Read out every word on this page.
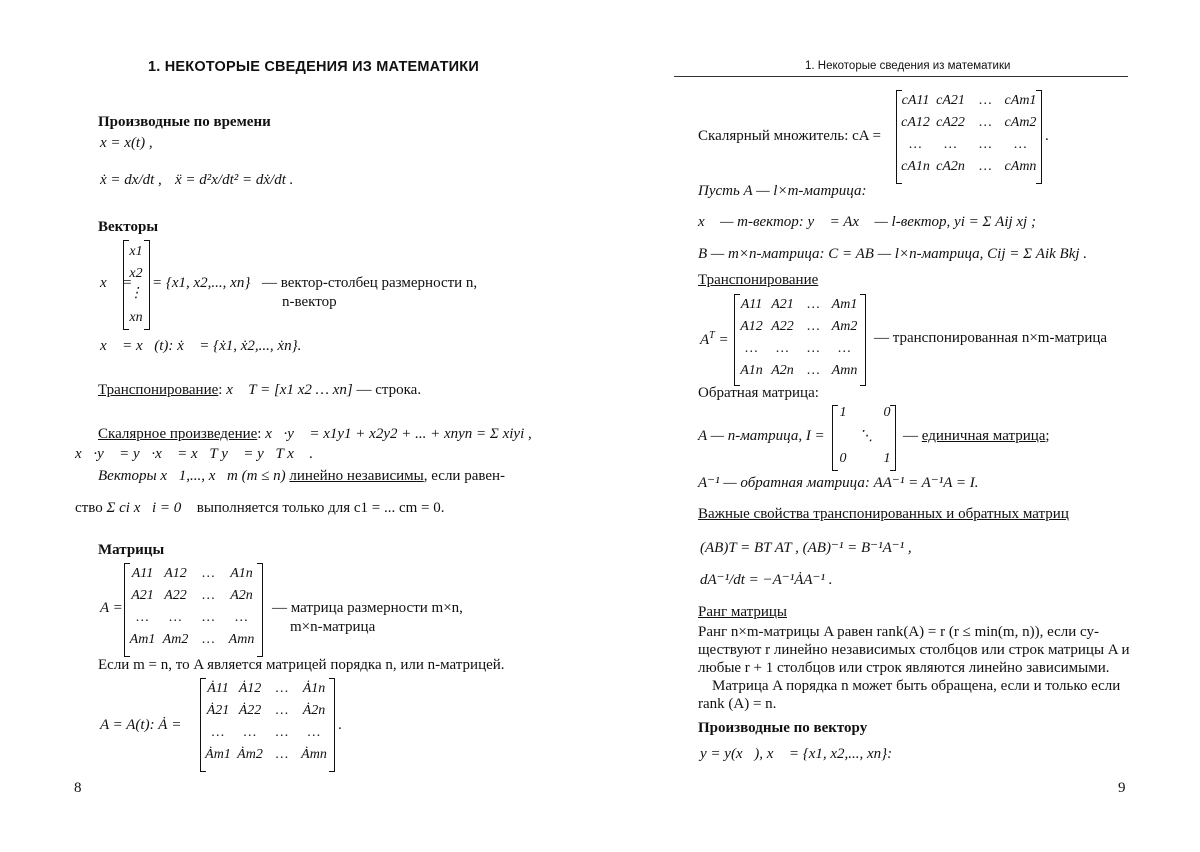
1. НЕКОТОРЫЕ СВЕДЕНИЯ ИЗ МАТЕМАТИКИ
Производные по времени
x = x(t) ,
ẋ = dx/dt , ẍ = d²x/dt² = dẋ/dt .
Векторы
x⃗ =
x1
x2
⋮
xn
= {x1, x2,..., xn} — вектор-столбец размерности n,
n-вектор
x⃗ = x⃗(t): ẋ⃗ = {ẋ1, ẋ2,..., ẋn}.
Транспонирование: x⃗ T = [x1 x2 … xn] — строка.
Скалярное произведение: x⃗·y⃗ = x1y1 + x2y2 + ... + xnyn = Σ xiyi ,
x⃗·y⃗ = y⃗·x⃗ = x⃗T y⃗ = y⃗T x⃗ .
Векторы x⃗1,..., x⃗m (m ≤ n) линейно независимы, если равен-
ство Σ ci x⃗i = 0⃗ выполняется только для c1 = ... cm = 0.
Матрицы
A =
A11 A12	…	A1n
A21 A22	…	A2n
…	…	…	…
Am1 Am2 … Amn
— матрица размерности m×n,
m×n-матрица
Если m = n, то A является матрицей порядка n, или n-матрицей.
A = A(t): Ȧ =
Ȧ11 Ȧ12	…	Ȧ1n
Ȧ21 Ȧ22	…	Ȧ2n
…	…	…	…
Ȧm1 Ȧm2 … Ȧmn
.
8
1. Некоторые сведения из математики
Скалярный множитель: cA =
cA11 cA21	… cAm1
cA12 cA22	… cAm2
…	…	…	…
cA1n cA2n	… cAmn
.
Пусть A — l×m-матрица:
x⃗ — m-вектор: y⃗ = Ax⃗ — l-вектор, yi = Σ Aij xj ;
B — m×n-матрица: C = AB — l×n-матрица, Cij = Σ Aik Bkj .
Транспонирование
$A^T$ =
A11 A21 … Am1
A12 A22 … Am2
…	…	…	…
A1n A2n … Amn
— транспонированная n×m-матрица
Обратная матрица:
A — n-матрица, I =
1	0
⋱
0	1
— единичная матрица;
A⁻¹ — обратная матрица: AA⁻¹ = A⁻¹A = I.
Важные свойства транспонированных и обратных матриц
(AB)T = BT AT , (AB)⁻¹ = B⁻¹A⁻¹ ,
dA⁻¹/dt = −A⁻¹ȦA⁻¹ .
Ранг матрицы
Ранг n×m-матрицы A равен rank(A) = r (r ≤ min(m, n)), если су-
ществуют r линейно независимых столбцов или строк матрицы A и
любые r + 1 столбцов или строк являются линейно зависимыми.
Матрица A порядка n может быть обращена, если и только если
rank (A) = n.
Производные по вектору
y = y(x⃗), x⃗ = {x1, x2,..., xn}:
9
